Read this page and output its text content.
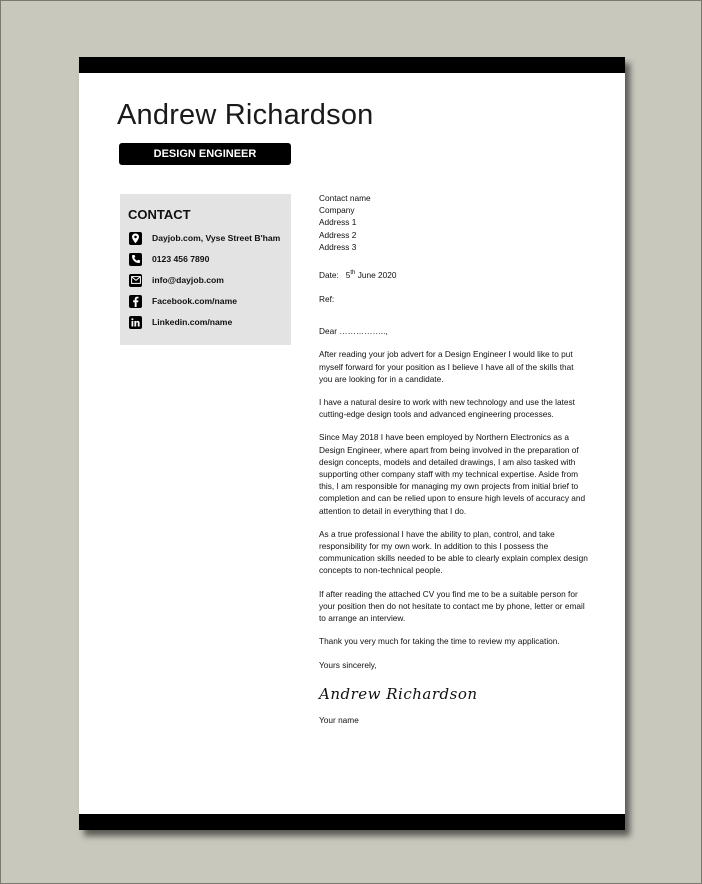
Andrew Richardson
DESIGN ENGINEER
CONTACT
Dayjob.com, Vyse Street B'ham
0123 456 7890
info@dayjob.com
Facebook.com/name
Linkedin.com/name

Contact name

Company

Address 1

Address 2

Address 3

Date: 5th June 2020

Ref:

Dear ……………..,

After reading your job advert for a Design Engineer I would like to put myself forward for your position as I believe I have all of the skills that you are looking for in a candidate.

I have a natural desire to work with new technology and use the latest cutting-edge design tools and advanced engineering processes.

Since May 2018 I have been employed by Northern Electronics as a Design Engineer, where apart from being involved in the preparation of design concepts, models and detailed drawings, I am also tasked with supporting other company staff with my technical expertise. Aside from this, I am responsible for managing my own projects from initial brief to completion and can be relied upon to ensure high levels of accuracy and attention to detail in everything that I do.

As a true professional I have the ability to plan, control, and take responsibility for my own work. In addition to this I possess the communication skills needed to be able to clearly explain complex design concepts to non-technical people.

If after reading the attached CV you find me to be a suitable person for your position then do not hesitate to contact me by phone, letter or email to arrange an interview.

Thank you very much for taking the time to review my application.

Yours sincerely,

Andrew Richardson

Your name
